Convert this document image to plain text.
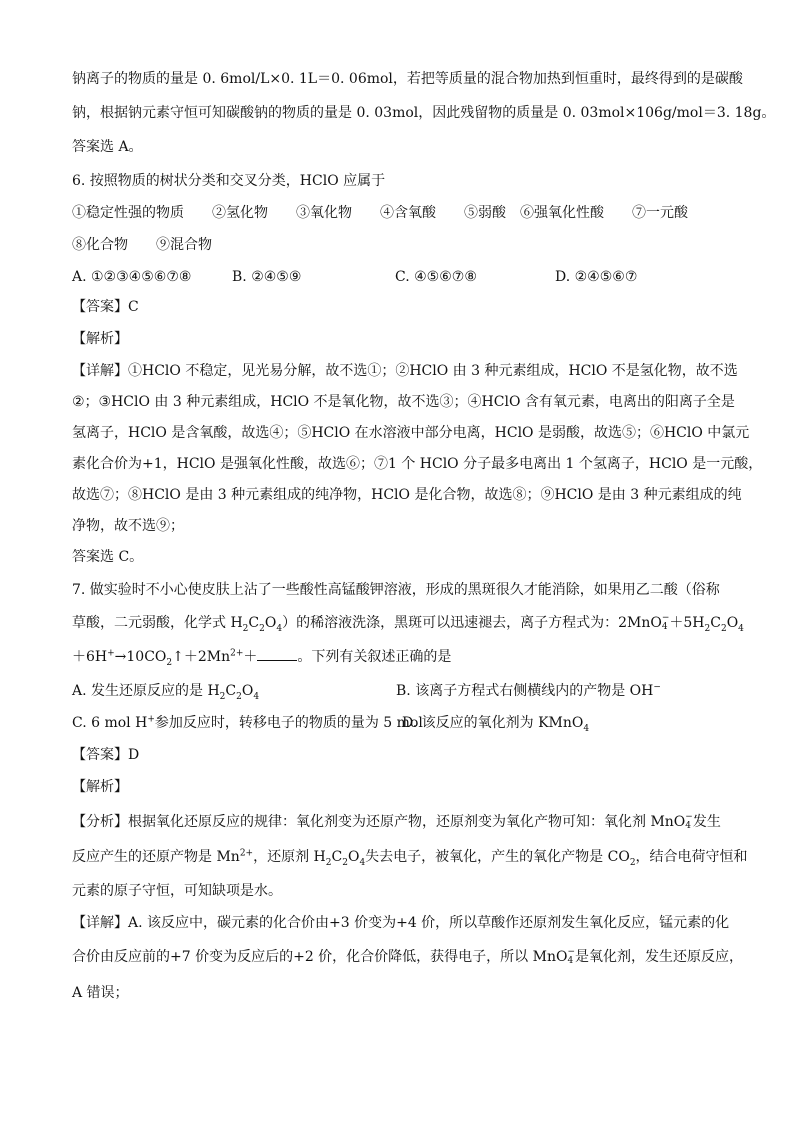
钠离子的物质的量是 0. 6mol/L×0. 1L＝0. 06mol，若把等质量的混合物加热到恒重时，最终得到的是碳酸
钠，根据钠元素守恒可知碳酸钠的物质的量是 0. 03mol，因此残留物的质量是 0. 03mol×106g/mol＝3. 18g。
答案选 A。
6. 按照物质的树状分类和交叉分类，HClO 应属于
①稳定性强的物质　　②氢化物　　③氧化物　　④含氧酸　　⑤弱酸　⑥强氧化性酸　　⑦一元酸
⑧化合物　　⑨混合物
A. ①②③④⑤⑥⑦⑧	B. ②④⑤⑨	C. ④⑤⑥⑦⑧	D. ②④⑤⑥⑦
【答案】C
【解析】
【详解】①HClO 不稳定，见光易分解，故不选①；②HClO 由 3 种元素组成，HClO 不是氢化物，故不选
②；③HClO 由 3 种元素组成，HClO 不是氧化物，故不选③；④HClO 含有氧元素，电离出的阳离子全是
氢离子，HClO 是含氧酸，故选④；⑤HClO 在水溶液中部分电离，HClO 是弱酸，故选⑤；⑥HClO 中氯元
素化合价为+1，HClO 是强氧化性酸，故选⑥；⑦1 个 HClO 分子最多电离出 1 个氢离子，HClO 是一元酸，
故选⑦；⑧HClO 是由 3 种元素组成的纯净物，HClO 是化合物，故选⑧；⑨HClO 是由 3 种元素组成的纯
净物，故不选⑨；
答案选 C。
7. 做实验时不小心使皮肤上沾了一些酸性高锰酸钾溶液，形成的黑斑很久才能消除，如果用乙二酸（俗称
草酸，二元弱酸，化学式 $H_2C_2O_4$）的稀溶液洗涤，黑斑可以迅速褪去，离子方程式为：2MnO−
$4 +5H_2C_2O_4$
$+6H^+\to 10CO_2↑+2Mn^{2+}+$	。下列有关叙述正确的是
A. 发生还原反应的是 $H_2C_2O_4$	B. 该离子方程式右侧横线内的产物是 OH−
C. 6 mol H+参加反应时，转移电子的物质的量为 5 mol
D. 该反应的氧化剂为 KMnO$_4$
【答案】D
【解析】
【分析】根据氧化还原反应的规律：氧化剂变为还原产物，还原剂变为氧化产物可知：氧化剂 MnO−
4 发生
反应产生的还原产物是 $Mn^{2+}$，还原剂 $H_2C_2O_4$失去电子，被氧化，产生的氧化产物是 $CO_2$，结合电荷守恒和
元素的原子守恒，可知缺项是水。
【详解】A. 该反应中，碳元素的化合价由+3 价变为+4 价，所以草酸作还原剂发生氧化反应，锰元素的化
合价由反应前的+7 价变为反应后的+2 价，化合价降低，获得电子，所以 MnO−
4 是氧化剂，发生还原反应，
A 错误；
